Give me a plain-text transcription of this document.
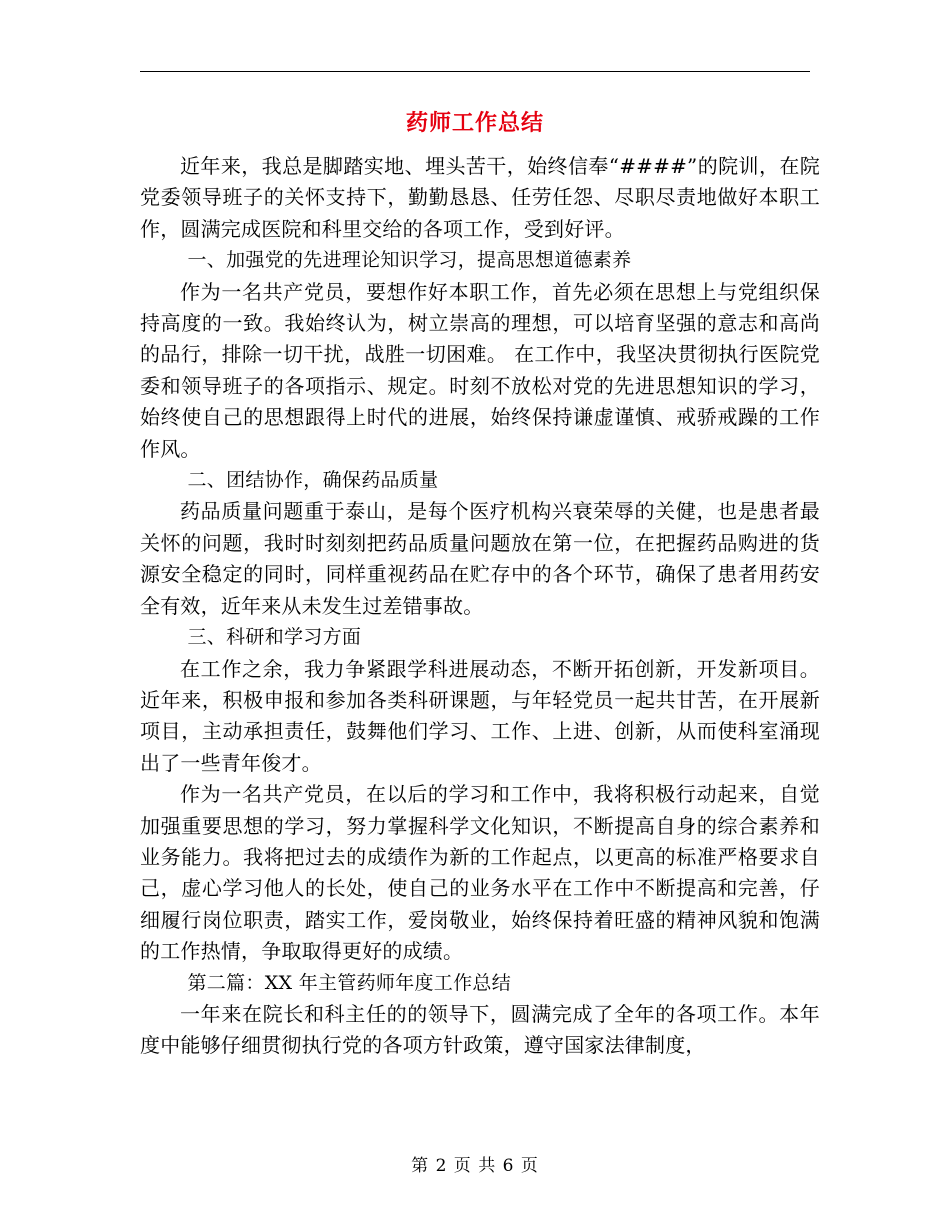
药师工作总结

近年来，我总是脚踏实地、埋头苦干，始终信奉“####”的院训，在院党委领导班子的关怀支持下，勤勤恳恳、任劳任怨、尽职尽责地做好本职工作，圆满完成医院和科里交给的各项工作，受到好评。

一、加强党的先进理论知识学习，提高思想道德素养

作为一名共产党员，要想作好本职工作，首先必须在思想上与党组织保持高度的一致。我始终认为，树立崇高的理想，可以培育坚强的意志和高尚的品行，排除一切干扰，战胜一切困难。 在工作中，我坚决贯彻执行医院党委和领导班子的各项指示、规定。时刻不放松对党的先进思想知识的学习，始终使自己的思想跟得上时代的进展，始终保持谦虚谨慎、戒骄戒躁的工作作风。

二、团结协作，确保药品质量

药品质量问题重于泰山，是每个医疗机构兴衰荣辱的关健，也是患者最关怀的问题，我时时刻刻把药品质量问题放在第一位，在把握药品购进的货源安全稳定的同时，同样重视药品在贮存中的各个环节，确保了患者用药安全有效，近年来从未发生过差错事故。

三、科研和学习方面

在工作之余，我力争紧跟学科进展动态，不断开拓创新，开发新项目。近年来，积极申报和参加各类科研课题，与年轻党员一起共甘苦，在开展新项目，主动承担责任，鼓舞他们学习、工作、上进、创新，从而使科室涌现出了一些青年俊才。

作为一名共产党员，在以后的学习和工作中，我将积极行动起来，自觉加强重要思想的学习，努力掌握科学文化知识，不断提高自身的综合素养和业务能力。我将把过去的成绩作为新的工作起点，以更高的标准严格要求自己，虚心学习他人的长处，使自己的业务水平在工作中不断提高和完善，仔细履行岗位职责，踏实工作，爱岗敬业，始终保持着旺盛的精神风貌和饱满的工作热情，争取取得更好的成绩。

第二篇：XX 年主管药师年度工作总结

一年来在院长和科主任的的领导下，圆满完成了全年的各项工作。本年度中能够仔细贯彻执行党的各项方针政策，遵守国家法律制度，

第 2 页 共 6 页
